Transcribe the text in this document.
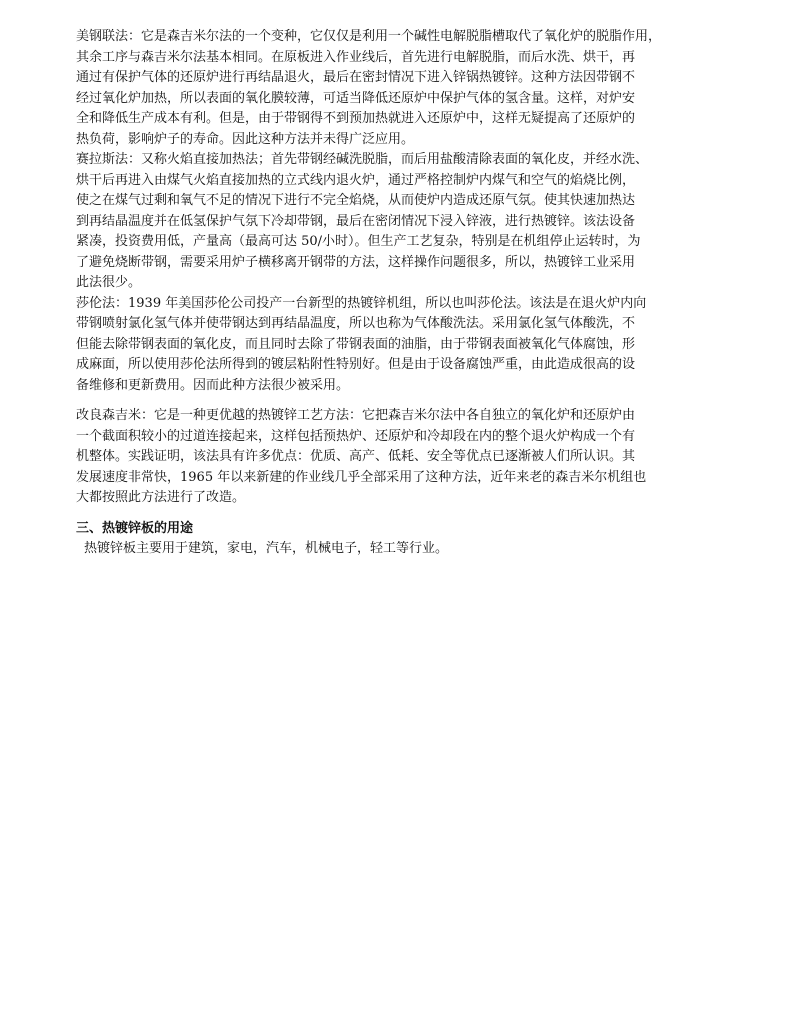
美钢联法：它是森吉米尔法的一个变种，它仅仅是利用一个碱性电解脱脂槽取代了氧化炉的脱脂作用，
其余工序与森吉米尔法基本相同。在原板进入作业线后，首先进行电解脱脂，而后水洗、烘干，再
通过有保护气体的还原炉进行再结晶退火，最后在密封情况下进入锌锅热镀锌。这种方法因带钢不
经过氧化炉加热，所以表面的氧化膜较薄，可适当降低还原炉中保护气体的氢含量。这样，对炉安
全和降低生产成本有利。但是，由于带钢得不到预加热就进入还原炉中，这样无疑提高了还原炉的
热负荷，影响炉子的寿命。因此这种方法并未得广泛应用。
赛拉斯法：又称火焰直接加热法；首先带钢经碱洗脱脂，而后用盐酸清除表面的氧化皮，并经水洗、
烘干后再进入由煤气火焰直接加热的立式线内退火炉，通过严格控制炉内煤气和空气的焰烧比例，
使之在煤气过剩和氧气不足的情况下进行不完全焰烧，从而使炉内造成还原气氛。使其快速加热达
到再结晶温度并在低氢保护气氛下冷却带钢，最后在密闭情况下浸入锌液，进行热镀锌。该法设备
紧凑，投资费用低，产量高（最高可达 50/小时）。但生产工艺复杂，特别是在机组停止运转时，为
了避免烧断带钢，需要采用炉子横移离开钢带的方法，这样操作问题很多，所以，热镀锌工业采用
此法很少。
莎伦法：1939 年美国莎伦公司投产一台新型的热镀锌机组，所以也叫莎伦法。该法是在退火炉内向
带钢喷射氯化氢气体并使带钢达到再结晶温度，所以也称为气体酸洗法。采用氯化氢气体酸洗，不
但能去除带钢表面的氧化皮，而且同时去除了带钢表面的油脂，由于带钢表面被氧化气体腐蚀，形
成麻面，所以使用莎伦法所得到的镀层粘附性特别好。但是由于设备腐蚀严重，由此造成很高的设
备维修和更新费用。因而此种方法很少被采用。
改良森吉米：它是一种更优越的热镀锌工艺方法：它把森吉米尔法中各自独立的氧化炉和还原炉由
一个截面积较小的过道连接起来，这样包括预热炉、还原炉和冷却段在内的整个退火炉构成一个有
机整体。实践证明，该法具有许多优点：优质、高产、低耗、安全等优点已逐渐被人们所认识。其
发展速度非常快，1965 年以来新建的作业线几乎全部采用了这种方法，近年来老的森吉米尔机组也
大都按照此方法进行了改造。
三、热镀锌板的用途
热镀锌板主要用于建筑，家电，汽车，机械电子，轻工等行业。
